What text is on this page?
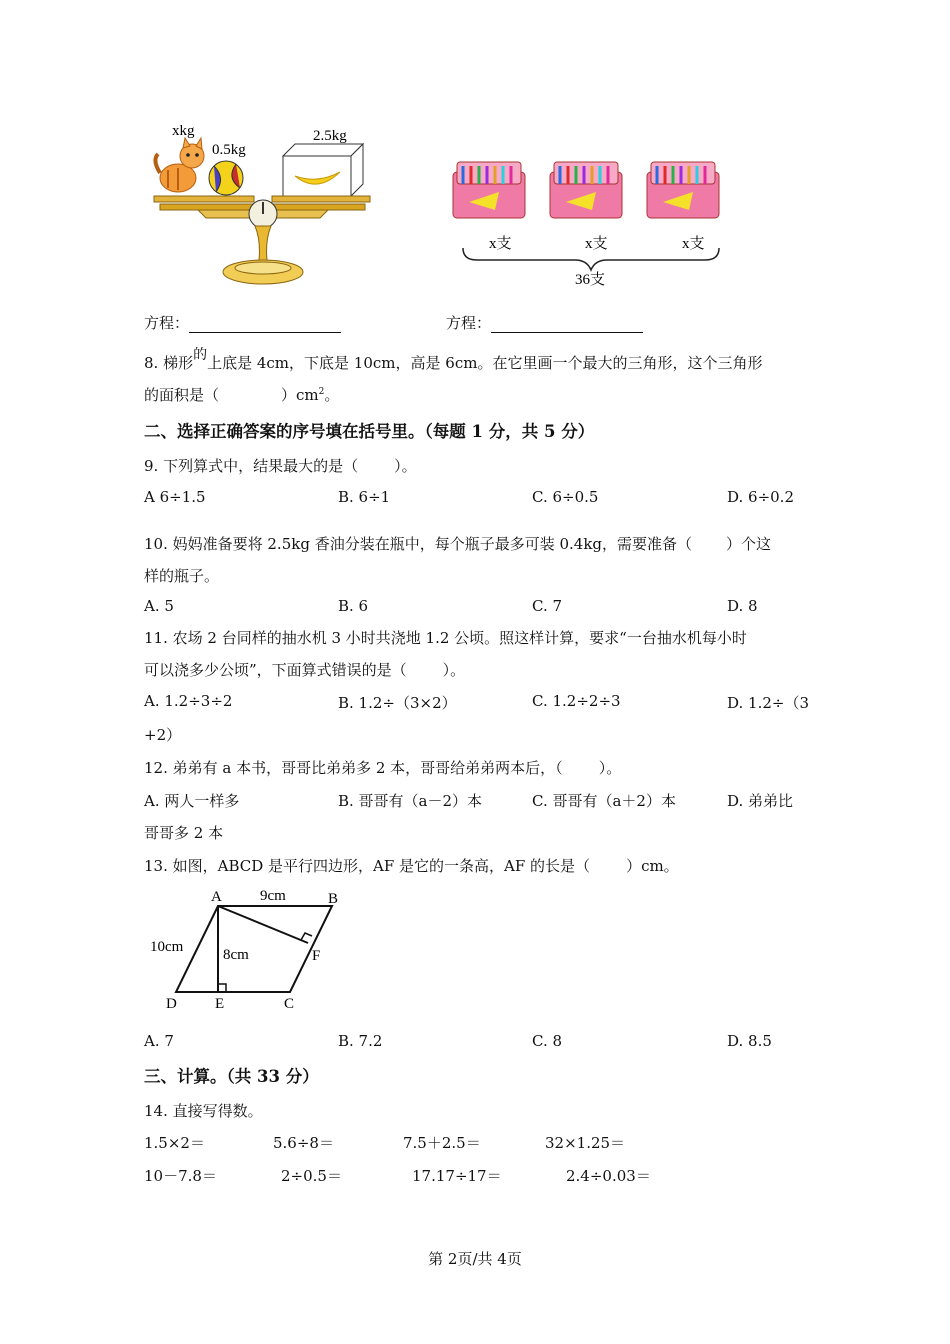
xkg
0.5kg
2.5kg
x支	x支	x支
36支
方程：	方程：
8. 梯形的上底是 4cm，下底是 10cm，高是 6cm。在它里画一个最大的三角形，这个三角形
的面积是（	）$cm^2$。
二、选择正确答案的序号填在括号里。（每题 1 分，共 5 分）
9. 下列算式中，结果最大的是（ ）。
A 6÷1.5	B. 6÷1	C. 6÷0.5	D. 6÷0.2
10. 妈妈准备要将 2.5kg 香油分装在瓶中，每个瓶子最多可装 0.4kg，需要准备（ ）个这
样的瓶子。
A. 5	B. 6	C. 7	D. 8
11. 农场 2 台同样的抽水机 3 小时共浇地 1.2 公顷。照这样计算，要求“一台抽水机每小时
可以浇多少公顷”，下面算式错误的是（ ）。
A. 1.2÷3÷2	B. 1.2÷（3×2）	C. 1.2÷2÷3	D. 1.2÷（3
+2）
12. 弟弟有 a 本书，哥哥比弟弟多 2 本，哥哥给弟弟两本后，（ ）。
A. 两人一样多	B. 哥哥有（a－2）本	C. 哥哥有（a＋2）本	D. 弟弟比
哥哥多 2 本
13. 如图，ABCD 是平行四边形，AF 是它的一条高，AF 的长是（ ）cm。
A	B
C
D	E
F
9cm
10cm	8cm
A. 7	B. 7.2	C. 8	D. 8.5
三、计算。（共 33 分）
14. 直接写得数。
1.5×2＝	5.6÷8＝	7.5＋2.5＝	32×1.25＝
10－7.8＝	2÷0.5＝	17.17÷17＝	2.4÷0.03＝
第 2页/共 4页
